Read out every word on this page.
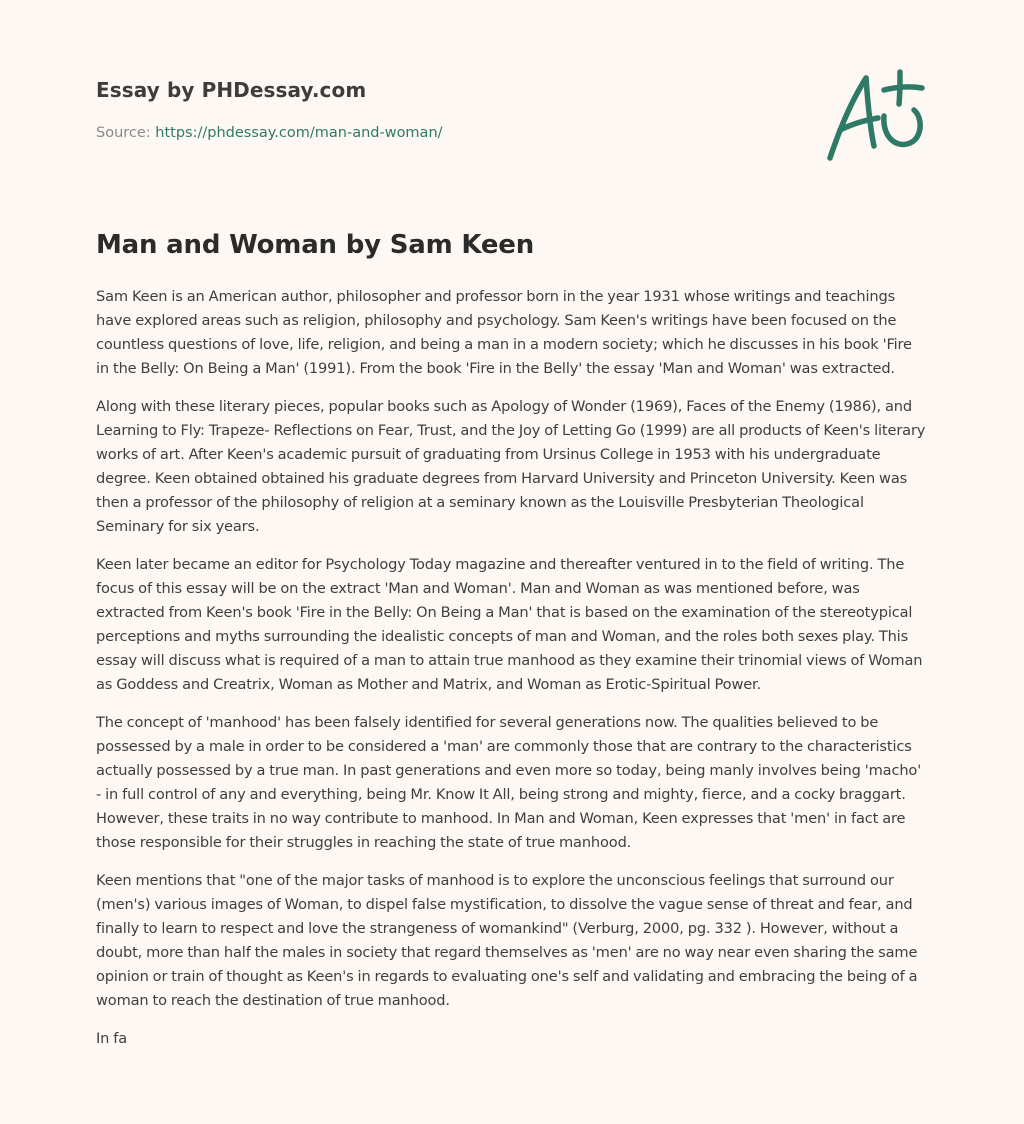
Essay by PHDessay.com
Source: https://phdessay.com/man-and-woman/
Man and Woman by Sam Keen

Sam Keen is an American author, philosopher and professor born in the year 1931 whose writings and teachings have explored areas such as religion, philosophy and psychology. Sam Keen's writings have been focused on the countless questions of love, life, religion, and being a man in a modern society; which he discusses in his book 'Fire in the Belly: On Being a Man' (1991). From the book 'Fire in the Belly' the essay 'Man and Woman' was extracted.

Along with these literary pieces, popular books such as Apology of Wonder (1969), Faces of the Enemy (1986), and Learning to Fly: Trapeze- Reflections on Fear, Trust, and the Joy of Letting Go (1999) are all products of Keen's literary works of art. After Keen's academic pursuit of graduating from Ursinus College in 1953 with his undergraduate degree. Keen obtained obtained his graduate degrees from Harvard University and Princeton University. Keen was then a professor of the philosophy of religion at a seminary known as the Louisville Presbyterian Theological Seminary for six years.

Keen later became an editor for Psychology Today magazine and thereafter ventured in to the field of writing. The focus of this essay will be on the extract 'Man and Woman'. Man and Woman as was mentioned before, was extracted from Keen's book 'Fire in the Belly: On Being a Man' that is based on the examination of the stereotypical perceptions and myths surrounding the idealistic concepts of man and Woman, and the roles both sexes play. This essay will discuss what is required of a man to attain true manhood as they examine their trinomial views of Woman as Goddess and Creatrix, Woman as Mother and Matrix, and Woman as Erotic-Spiritual Power.

The concept of 'manhood' has been falsely identified for several generations now. The qualities believed to be possessed by a male in order to be considered a 'man' are commonly those that are contrary to the characteristics actually possessed by a true man. In past generations and even more so today, being manly involves being 'macho' - in full control of any and everything, being Mr. Know It All, being strong and mighty, fierce, and a cocky braggart. However, these traits in no way contribute to manhood. In Man and Woman, Keen expresses that 'men' in fact are those responsible for their struggles in reaching the state of true manhood.

Keen mentions that "one of the major tasks of manhood is to explore the unconscious feelings that surround our (men's) various images of Woman, to dispel false mystification, to dissolve the vague sense of threat and fear, and finally to learn to respect and love the strangeness of womankind" (Verburg, 2000, pg. 332 ). However, without a doubt, more than half the males in society that regard themselves as 'men' are no way near even sharing the same opinion or train of thought as Keen's in regards to evaluating one's self and validating and embracing the being of a woman to reach the destination of true manhood.

In fa
